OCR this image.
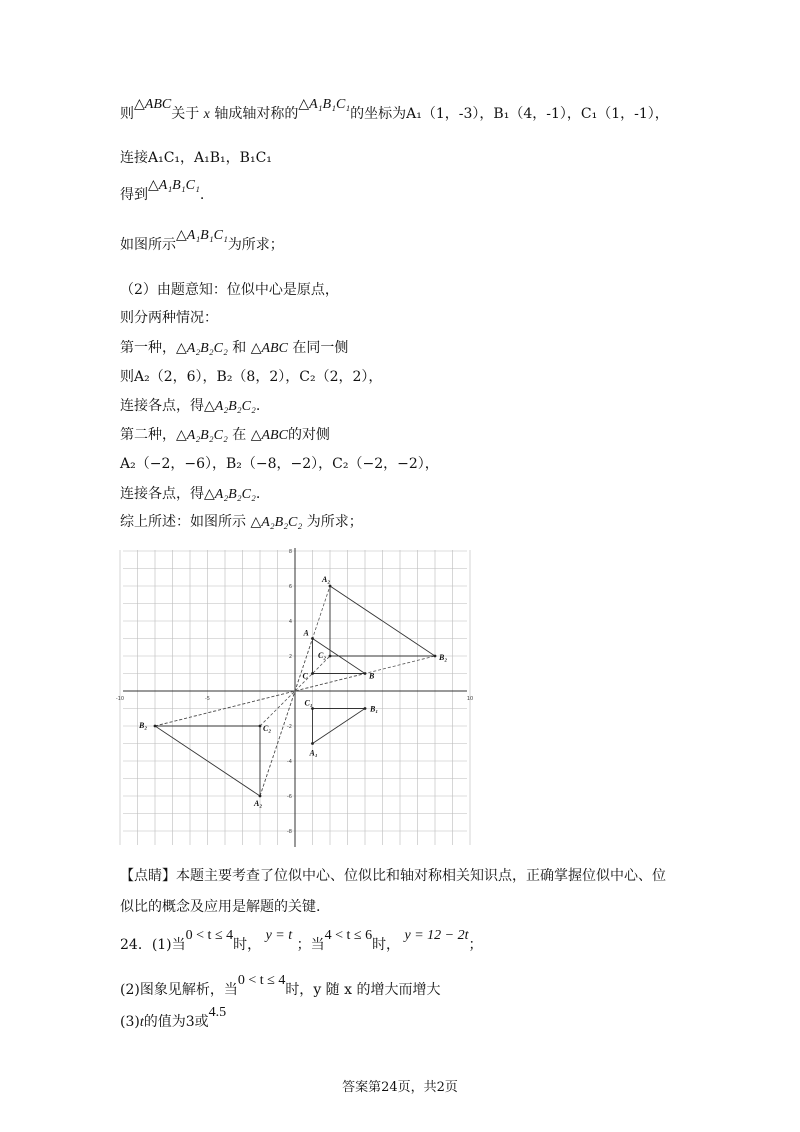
则△ABC关于 x 轴成轴对称的△A₁B₁C₁的坐标为A₁（1，-3），B₁（4，-1），C₁（1，-1），
连接A₁C₁，A₁B₁，B₁C₁
得到△A₁B₁C₁.
如图所示△A₁B₁C₁为所求；
（2）由题意知：位似中心是原点，
则分两种情况：
第一种，△A₂B₂C₂ 和 △ABC 在同一侧
则A₂（2，6），B₂（8，2），C₂（2，2），
连接各点，得△A₂B₂C₂.
第二种，△A₂B₂C₂ 在 △ABC的对侧
A₂（−2，−6），B₂（−8，−2），C₂（−2，−2），
连接各点，得△A₂B₂C₂.
综上所述：如图所示 △A₂B₂C₂ 为所求；
-10	-5	10
8
6
4
2
-2
-4
-6
-8
A
B
C
A₁
B₁
C₁
A₂
B₂
C₂
A₂
B₂	C₂
【点睛】本题主要考查了位似中心、位似比和轴对称相关知识点，正确掌握位似中心、位
似比的概念及应用是解题的关键.
24．(1)当0 < t ≤ 4时， y = t ；当4 < t ≤ 6时， y = 12 − 2t；
(2)图象见解析，当0 < t ≤ 4时，y 随 x 的增大而增大
(3)t的值为3或4.5
答案第24页，共2页
